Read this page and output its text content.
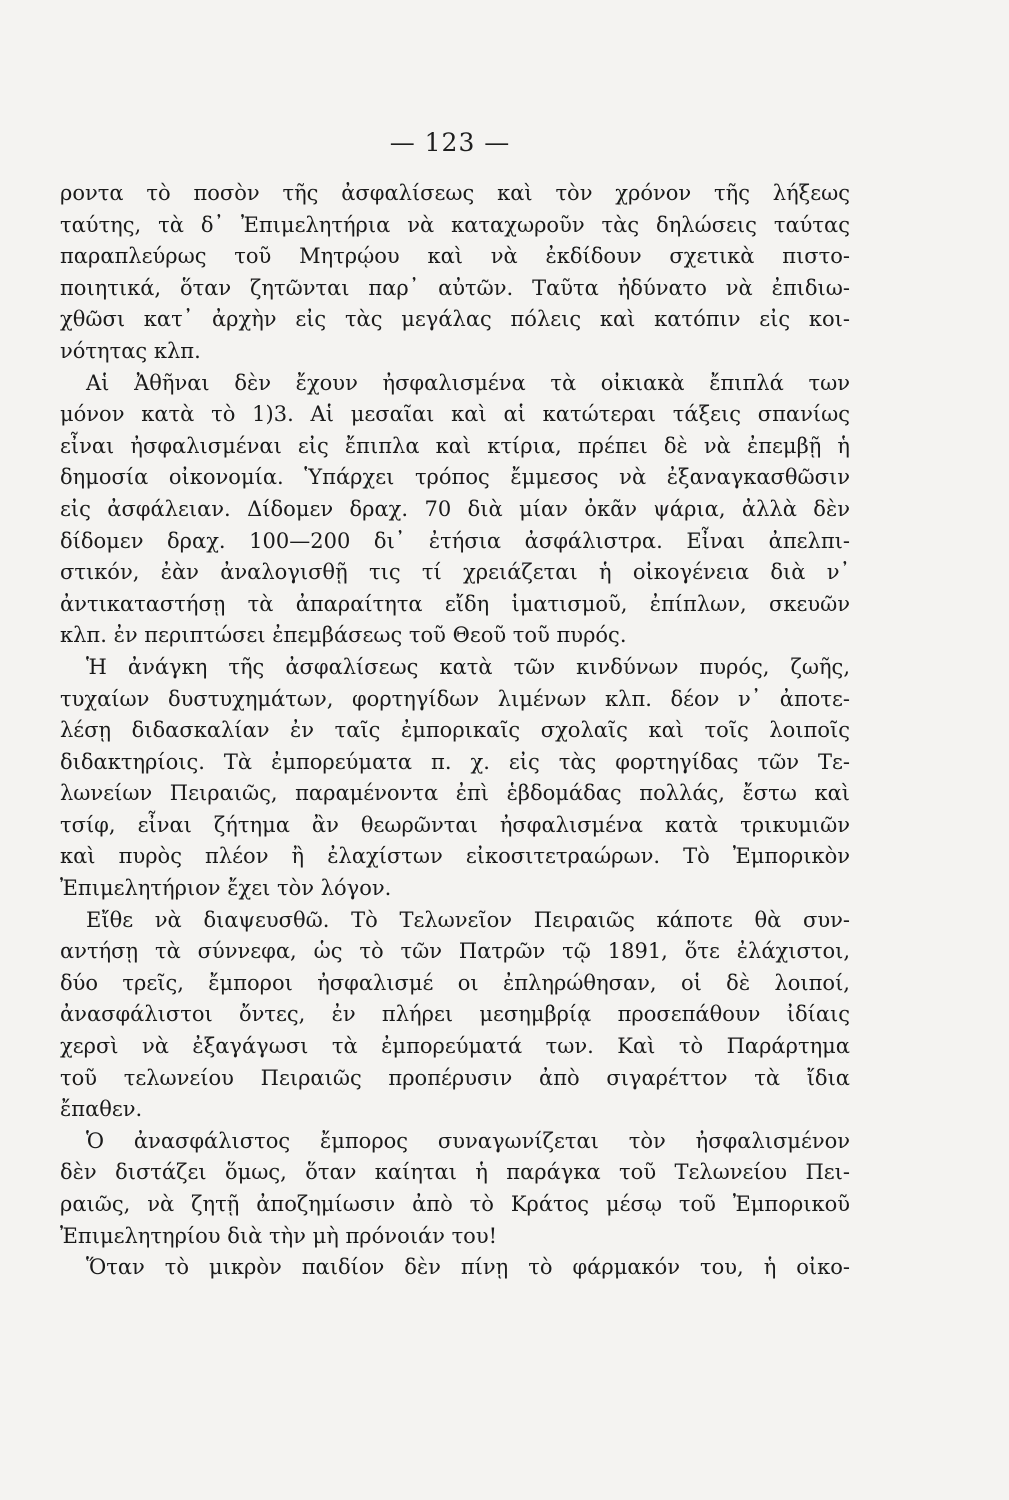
— 123 —
ροντα τὸ ποσὸν τῆς ἀσφαλίσεως καὶ τὸν χρόνον τῆς λήξεως
ταύτης, τὰ δ᾽ Ἐπιμελητήρια νὰ καταχωροῦν τὰς δηλώσεις ταύτας
παραπλεύρως τοῦ Μητρῴου καὶ νὰ ἐκδίδουν σχετικὰ πιστο-
ποιητικά, ὅταν ζητῶνται παρ᾽ αὐτῶν. Ταῦτα ἠδύνατο νὰ ἐπιδιω-
χθῶσι κατ᾽ ἀρχὴν εἰς τὰς μεγάλας πόλεις καὶ κατόπιν εἰς κοι-
νότητας κλπ.
Αἱ Ἀθῆναι δὲν ἔχουν ἠσφαλισμένα τὰ οἰκιακὰ ἔπιπλά των
μόνον κατὰ τὸ 1)3. Αἱ μεσαῖαι καὶ αἱ κατώτεραι τάξεις σπανίως
εἶναι ἠσφαλισμέναι εἰς ἔπιπλα καὶ κτίρια, πρέπει δὲ νὰ ἐπεμβῇ ἡ
δημοσία οἰκονομία. Ὑπάρχει τρόπος ἔμμεσος νὰ ἐξαναγκασθῶσιν
εἰς ἀσφάλειαν. Δίδομεν δραχ. 70 διὰ μίαν ὀκᾶν ψάρια, ἀλλὰ δὲν
δίδομεν δραχ. 100—200 δι᾽ ἐτήσια ἀσφάλιστρα. Εἶναι ἀπελπι-
στικόν, ἐὰν ἀναλογισθῇ τις τί χρειάζεται ἡ οἰκογένεια διὰ ν᾽
ἀντικαταστήσῃ τὰ ἀπαραίτητα εἴδη ἱματισμοῦ, ἐπίπλων, σκευῶν
κλπ. ἐν περιπτώσει ἐπεμβάσεως τοῦ Θεοῦ τοῦ πυρός.
Ἡ ἀνάγκη τῆς ἀσφαλίσεως κατὰ τῶν κινδύνων πυρός, ζωῆς,
τυχαίων δυστυχημάτων, φορτηγίδων λιμένων κλπ. δέον ν᾽ ἀποτε-
λέσῃ διδασκαλίαν ἐν ταῖς ἐμπορικαῖς σχολαῖς καὶ τοῖς λοιποῖς
διδακτηρίοις. Τὰ ἐμπορεύματα π. χ. εἰς τὰς φορτηγίδας τῶν Τε-
λωνείων Πειραιῶς, παραμένοντα ἐπὶ ἑβδομάδας πολλάς, ἔστω καὶ
τσίφ, εἶναι ζήτημα ἂν θεωρῶνται ἠσφαλισμένα κατὰ τρικυμιῶν
καὶ πυρὸς πλέον ἢ ἐλαχίστων εἰκοσιτετραώρων. Τὸ Ἐμπορικὸν
Ἐπιμελητήριον ἔχει τὸν λόγον.
Εἴθε νὰ διαψευσθῶ. Τὸ Τελωνεῖον Πειραιῶς κάποτε θὰ συν-
αντήσῃ τὰ σύννεφα, ὡς τὸ τῶν Πατρῶν τῷ 1891, ὅτε ἐλάχιστοι,
δύο τρεῖς, ἔμποροι ἠσφαλισμέ οι ἐπληρώθησαν, οἱ δὲ λοιποί,
ἀνασφάλιστοι ὄντες, ἐν πλήρει μεσημβρίᾳ προσεπάθουν ἰδίαις
χερσὶ νὰ ἐξαγάγωσι τὰ ἐμπορεύματά των. Καὶ τὸ Παράρτημα
τοῦ τελωνείου Πειραιῶς προπέρυσιν ἀπὸ σιγαρέττον τὰ ἴδια
ἔπαθεν.
Ὁ ἀνασφάλιστος ἔμπορος συναγωνίζεται τὸν ἠσφαλισμένον
δὲν διστάζει ὅμως, ὅταν καίηται ἡ παράγκα τοῦ Τελωνείου Πει-
ραιῶς, νὰ ζητῇ ἀποζημίωσιν ἀπὸ τὸ Κράτος μέσῳ τοῦ Ἐμπορικοῦ
Ἐπιμελητηρίου διὰ τὴν μὴ πρόνοιάν του!
Ὅταν τὸ μικρὸν παιδίον δὲν πίνῃ τὸ φάρμακόν του, ἡ οἰκο-
